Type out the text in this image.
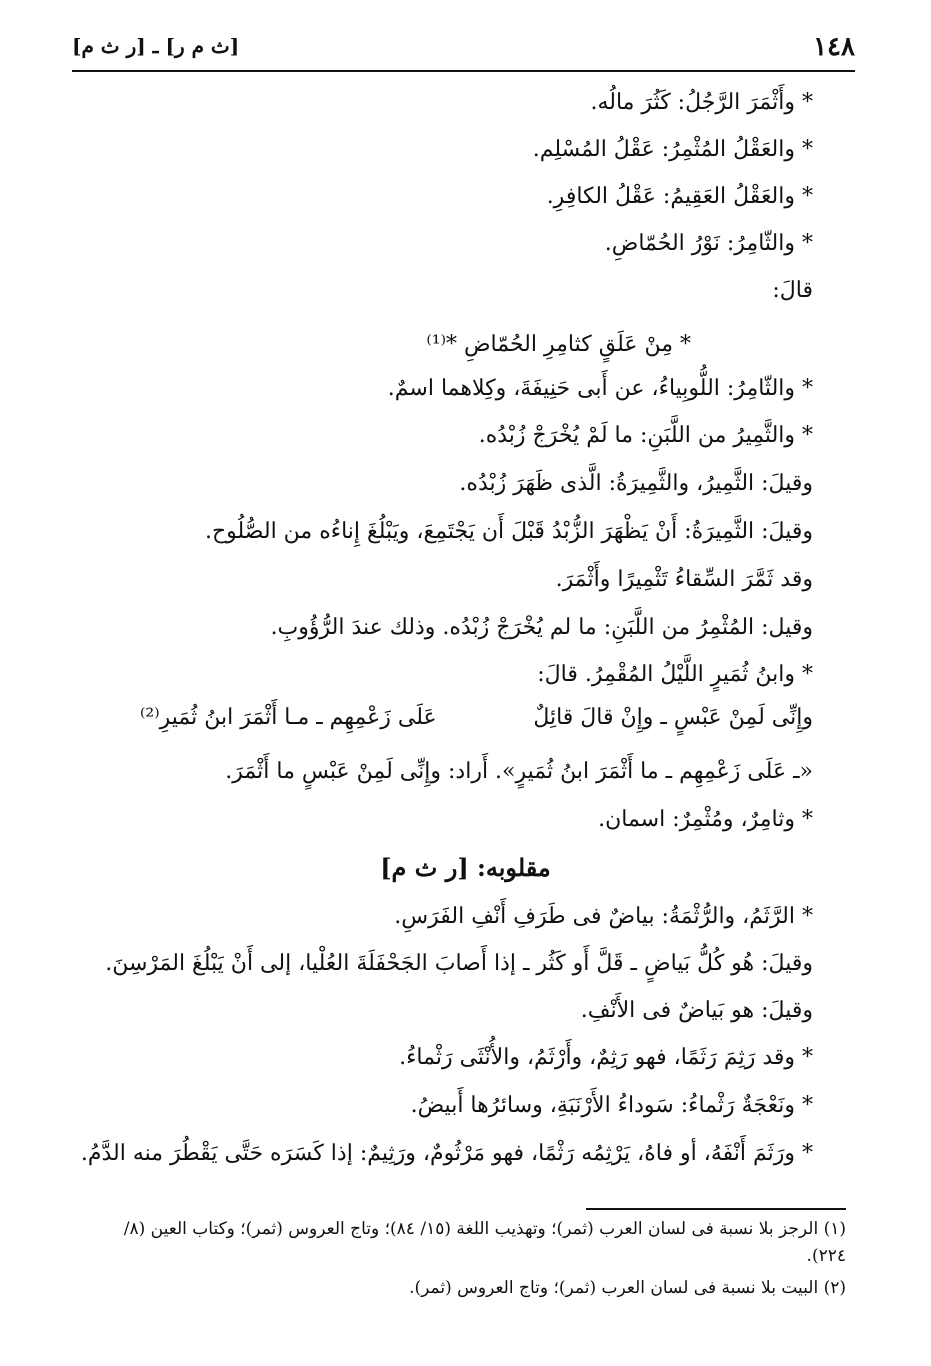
١٤٨
[ث م ر] ـ [ر ث م]
* وأَثْمَرَ الرَّجُلُ: كَثُرَ مالُه.
* والعَقْلُ المُثْمِرُ: عَقْلُ المُسْلِم.
* والعَقْلُ العَقِيمُ: عَقْلُ الكافِرِ.
* والثّامِرُ: نَوْرُ الحُمّاضِ.
قالَ:
* مِنْ عَلَقٍ كثامِرِ الحُمّاضِ *⁽¹⁾
* والثّامِرُ: اللُّوبِياءُ، عن أَبى حَنِيفَةَ، وكِلاهما اسمٌ.
* والثَّمِيرُ من اللَّبَنِ: ما لَمْ يُخْرَجْ زُبْدُه.
وقيلَ: الثَّمِيرُ، والثَّمِيرَةُ: الَّذى ظَهَرَ زُبْدُه.
وقيلَ: الثَّمِيرَةُ: أَنْ يَظْهَرَ الزُّبْدُ قَبْلَ أَن يَجْتَمِعَ، ويَبْلُغَ إِناءُه من الصُّلُوح.
وقد ثَمَّرَ السِّقاءُ تَثْمِيرًا وأَثْمَرَ.
وقيل: المُثْمِرُ من اللَّبَنِ: ما لم يُخْرَجْ زُبْدُه. وذلك عندَ الرُّؤُوبِ.
* وابنُ ثُمَيرٍ اللَّيْلُ المُقْمِرُ. قالَ:
وإِنِّى لَمِنْ عَبْسٍ ـ وإِنْ قالَ قائِلٌ
عَلَى زَعْمِهِم ـ مـا أَثْمَرَ ابنُ ثُمَيرِ⁽²⁾
«ـ عَلَى زَعْمِهِم ـ ما أَثْمَرَ ابنُ ثُمَيرٍ». أَراد: وإِنِّى لَمِنْ عَبْسٍ ما أَثْمَرَ.
* وثامِرٌ، ومُثْمِرٌ: اسمان.
مقلوبه: [ر ث م]
* الرَّثَمُ، والرُّثْمَةُ: بياضٌ فى طَرَفِ أَنْفِ الفَرَسِ.
وقيلَ: هُو كُلُّ بَياضٍ ـ قَلَّ أَو كَثُر ـ إذا أَصابَ الجَحْفَلَةَ العُلْيا، إلى أَنْ يَبْلُغَ المَرْسِنَ.
وقيلَ: هو بَياضٌ فى الأَنْفِ.
* وقد رَثِمَ رَثَمًا، فهو رَثِمٌ، وأَرْثَمُ، والأُنْثَى رَثْماءُ.
* ونَعْجَةٌ رَثْماءُ: سَوداءُ الأَرْنَبَةِ، وسائرُها أَبيضُ.
* ورَثَمَ أَنْفَهُ، أو فاهُ، يَرْثِمُه رَثْمًا، فهو مَرْثُومٌ، ورَثِيمٌ: إذا كَسَرَه حَتَّى يَقْطُرَ منه الدَّمُ.
(١) الرجز بلا نسبة فى لسان العرب (ثمر)؛ وتهذيب اللغة (١٥/ ٨٤)؛ وتاج العروس (ثمر)؛ وكتاب العين (٨/ ٢٢٤).
(٢) البيت بلا نسبة فى لسان العرب (ثمر)؛ وتاج العروس (ثمر).
